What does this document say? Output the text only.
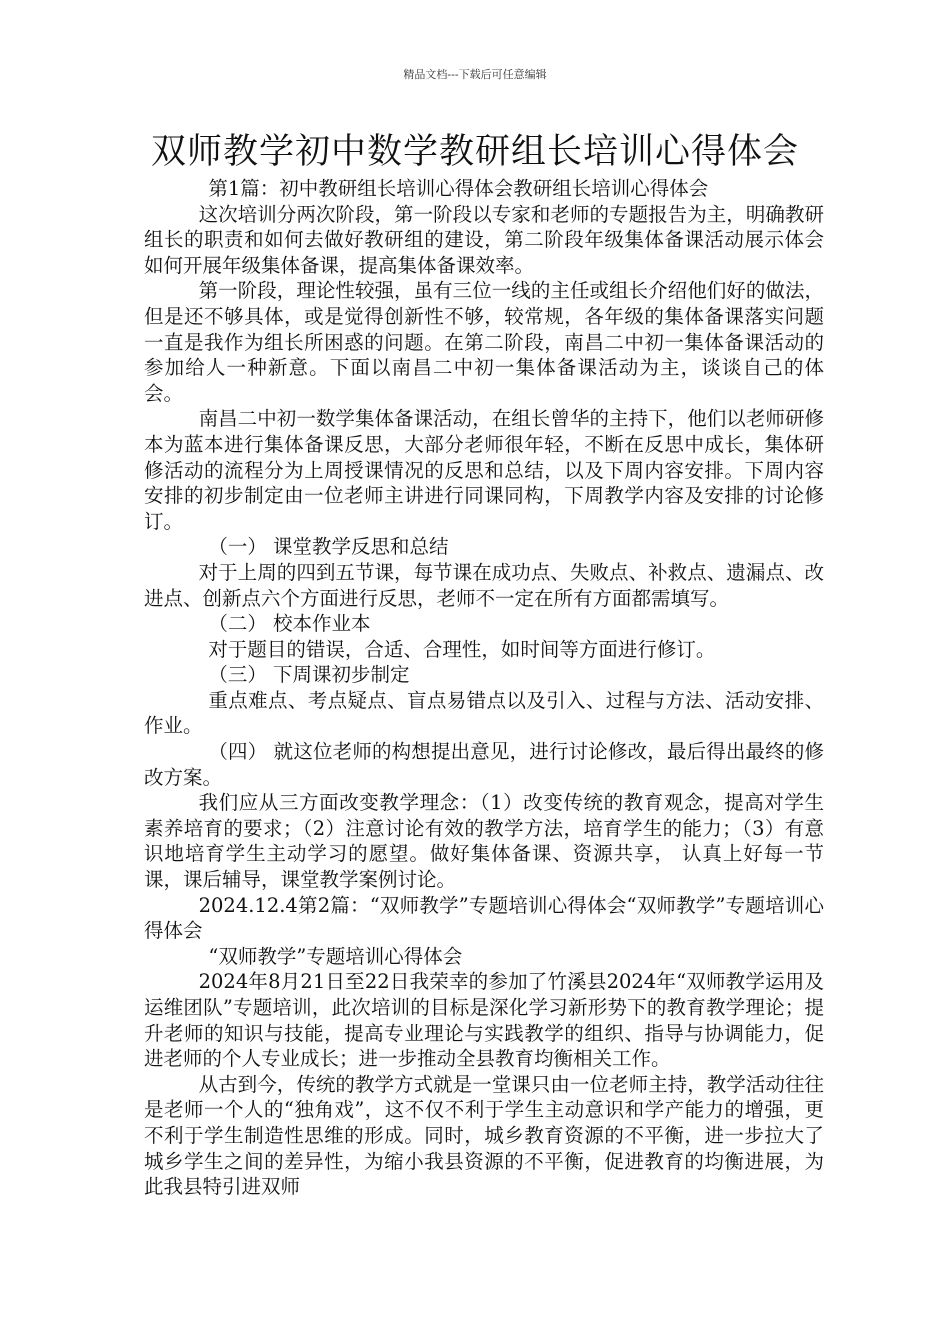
精品文档---下载后可任意编辑
双师教学初中数学教研组长培训心得体会

第1篇：初中教研组长培训心得体会教研组长培训心得体会

这次培训分两次阶段，第一阶段以专家和老师的专题报告为主，明确教研组长的职责和如何去做好教研组的建设，第二阶段年级集体备课活动展示体会如何开展年级集体备课，提高集体备课效率。

第一阶段，理论性较强，虽有三位一线的主任或组长介绍他们好的做法，但是还不够具体，或是觉得创新性不够，较常规，各年级的集体备课落实问题一直是我作为组长所困惑的问题。在第二阶段，南昌二中初一集体备课活动的参加给人一种新意。下面以南昌二中初一集体备课活动为主，谈谈自己的体会。

南昌二中初一数学集体备课活动，在组长曾华的主持下，他们以老师研修本为蓝本进行集体备课反思，大部分老师很年轻，不断在反思中成长，集体研修活动的流程分为上周授课情况的反思和总结，以及下周内容安排。下周内容安排的初步制定由一位老师主讲进行同课同构，下周教学内容及安排的讨论修订。

（一） 课堂教学反思和总结

对于上周的四到五节课，每节课在成功点、失败点、补救点、遗漏点、改进点、创新点六个方面进行反思，老师不一定在所有方面都需填写。

（二） 校本作业本

对于题目的错误，合适、合理性，如时间等方面进行修订。

（三） 下周课初步制定

重点难点、考点疑点、盲点易错点以及引入、过程与方法、活动安排、作业。

（四） 就这位老师的构想提出意见，进行讨论修改，最后得出最终的修改方案。

我们应从三方面改变教学理念：（1）改变传统的教育观念，提高对学生素养培育的要求；（2）注意讨论有效的教学方法，培育学生的能力；（3）有意识地培育学生主动学习的愿望。做好集体备课、资源共享， 认真上好每一节课，课后辅导，课堂教学案例讨论。

2024.12.4第2篇：“双师教学”专题培训心得体会“双师教学”专题培训心得体会

“双师教学”专题培训心得体会

2024年8月21日至22日我荣幸的参加了竹溪县2024年“双师教学运用及运维团队”专题培训，此次培训的目标是深化学习新形势下的教育教学理论；提升老师的知识与技能，提高专业理论与实践教学的组织、指导与协调能力，促进老师的个人专业成长；进一步推动全县教育均衡相关工作。

从古到今，传统的教学方式就是一堂课只由一位老师主持，教学活动往往是老师一个人的“独角戏”，这不仅不利于学生主动意识和学产能力的增强，更不利于学生制造性思维的形成。同时，城乡教育资源的不平衡，进一步拉大了城乡学生之间的差异性，为缩小我县资源的不平衡，促进教育的均衡进展，为此我县特引进双师
